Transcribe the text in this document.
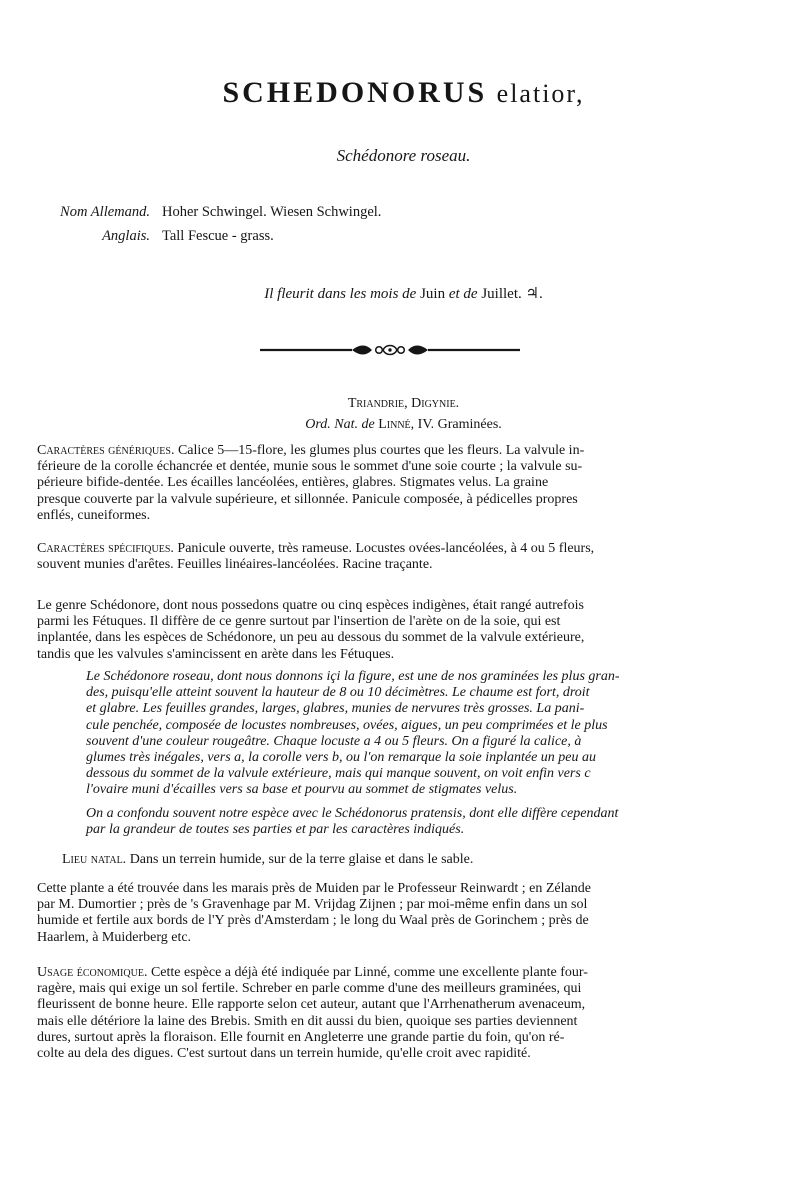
SCHEDONORUS elatior,
Schédonore roseau.
Nom Allemand. Hoher Schwingel. Wiesen Schwingel.
Anglais. Tall Fescue - grass.
Il fleurit dans les mois de Juin et de Juillet. ♃.
Triandrie, Digynie.
Ord. Nat. de Linné, IV. Graminées.
Caractères génériques. Calice 5—15-flore, les glumes plus courtes que les fleurs. La valvule in-
férieure de la corolle échancrée et dentée, munie sous le sommet d'une soie courte ; la valvule su-
périeure bifide-dentée. Les écailles lancéolées, entières, glabres. Stigmates velus. La graine
presque couverte par la valvule supérieure, et sillonnée. Panicule composée, à pédicelles propres
enflés, cuneiformes.
Caractères spécifiques. Panicule ouverte, très rameuse. Locustes ovées-lancéolées, à 4 ou 5 fleurs,
souvent munies d'arêtes. Feuilles linéaires-lancéolées. Racine traçante.
Le genre Schédonore, dont nous possedons quatre ou cinq espèces indigènes, était rangé autrefois
parmi les Fétuques. Il diffère de ce genre surtout par l'insertion de l'arète on de la soie, qui est
inplantée, dans les espèces de Schédonore, un peu au dessous du sommet de la valvule extérieure,
tandis que les valvules s'amincissent en arète dans les Fétuques.
Le Schédonore roseau, dont nous donnons içi la figure, est une de nos graminées les plus gran-
des, puisqu'elle atteint souvent la hauteur de 8 ou 10 décimètres. Le chaume est fort, droit
et glabre. Les feuilles grandes, larges, glabres, munies de nervures très grosses. La pani-
cule penchée, composée de locustes nombreuses, ovées, aigues, un peu comprimées et le plus
souvent d'une couleur rougeâtre. Chaque locuste a 4 ou 5 fleurs. On a figuré la calice, à
glumes très inégales, vers a, la corolle vers b, ou l'on remarque la soie inplantée un peu au
dessous du sommet de la valvule extérieure, mais qui manque souvent, on voit enfin vers c
l'ovaire muni d'écailles vers sa base et pourvu au sommet de stigmates velus.
On a confondu souvent notre espèce avec le Schédonorus pratensis, dont elle diffère cependant
par la grandeur de toutes ses parties et par les caractères indiqués.
Lieu natal. Dans un terrein humide, sur de la terre glaise et dans le sable.
Cette plante a été trouvée dans les marais près de Muiden par le Professeur Reinwardt ; en Zélande
par M. Dumortier ; près de 's Gravenhage par M. Vrijdag Zijnen ; par moi-même enfin dans un sol
humide et fertile aux bords de l'Y près d'Amsterdam ; le long du Waal près de Gorinchem ; près de
Haarlem, à Muiderberg etc.
Usage économique. Cette espèce a déjà été indiquée par Linné, comme une excellente plante four-
ragère, mais qui exige un sol fertile. Schreber en parle comme d'une des meilleurs graminées, qui
fleurissent de bonne heure. Elle rapporte selon cet auteur, autant que l'Arrhenatherum avenaceum,
mais elle détériore la laine des Brebis. Smith en dit aussi du bien, quoique ses parties deviennent
dures, surtout après la floraison. Elle fournit en Angleterre une grande partie du foin, qu'on ré-
colte au dela des digues. C'est surtout dans un terrein humide, qu'elle croit avec rapidité.
